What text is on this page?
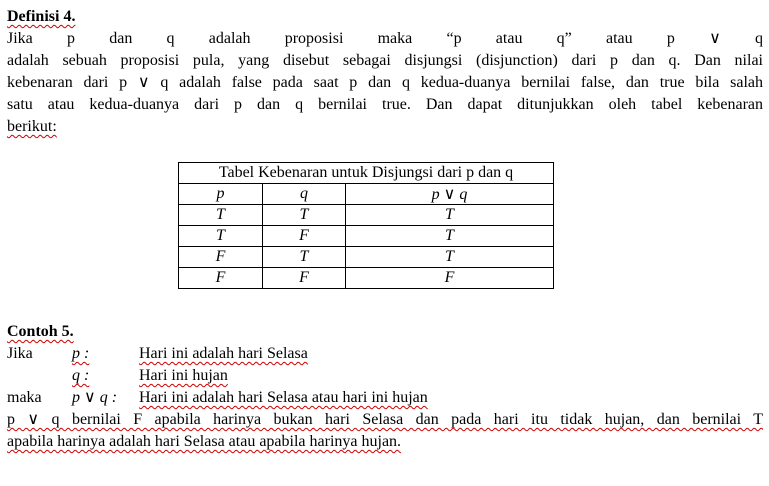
Definisi 4.
Jika p dan q adalah proposisi maka “p atau q” atau p ∨ q
adalah sebuah proposisi pula, yang disebut sebagai disjungsi (disjunction) dari p dan q. Dan nilai
kebenaran dari p ∨ q adalah false pada saat p dan q kedua-duanya bernilai false, dan true bila salah
satu atau kedua-duanya dari p dan q bernilai true. Dan dapat ditunjukkan oleh tabel kebenaran
berikut:
Tabel Kebenaran untuk Disjungsi dari p dan q		
p	q	p ∨ q
T	T	T
T	F	T
F	T	T
F	F	F
Contoh 5.
Jika p :	Hari ini adalah hari Selasa
q :	Hari ini hujan
maka p ∨ q : Hari ini adalah hari Selasa atau hari ini hujan
p ∨ q bernilai F apabila harinya bukan hari Selasa dan pada hari itu tidak hujan, dan bernilai T
apabila harinya adalah hari Selasa atau apabila harinya hujan.
